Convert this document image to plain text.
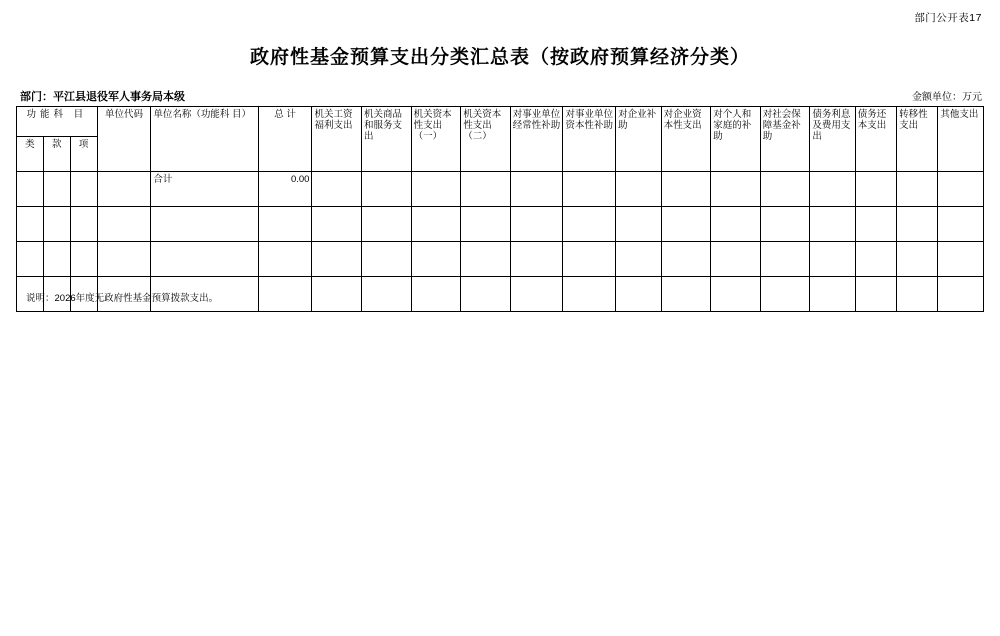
部门公开表17
政府性基金预算支出分类汇总表（按政府预算经济分类）
部门：平江县退役军人事务局本级	金额单位：万元
功能科 目			单位代码	单位名称（功能科 目）	总 计	机关工资福利支出	机关商品和服务支出	机关资本性支出（一）	机关资本性支出（二）	对事业单位经常性补助	对事业单位资本性补助	对企业补助	对企业资本性支出	对个人和家庭的补助	对社会保障基金补助	债务利息及费用支出	债务还本支出	转移性支出	其他支出
类	款	项																	
				合计	0.00														

说明：2026年度无政府性基金预算拨款支出。
